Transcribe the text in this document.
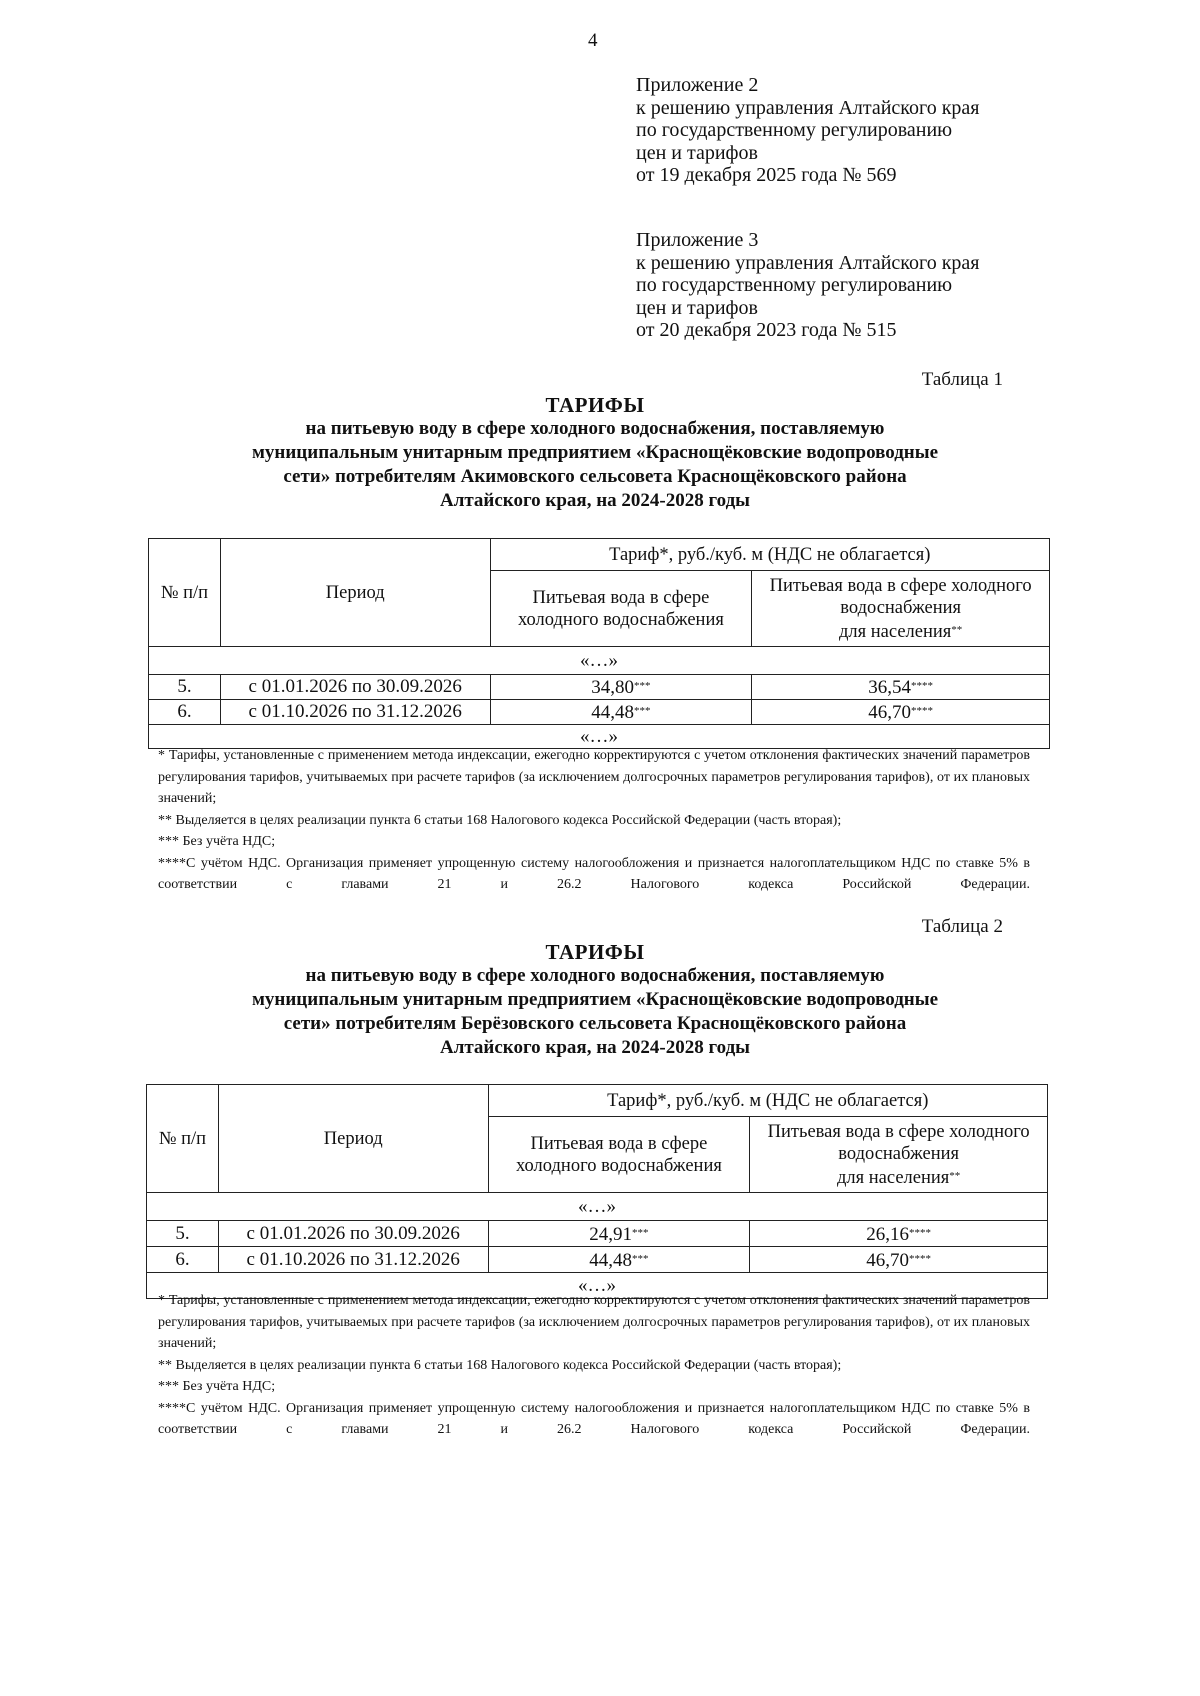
4
Приложение 2
к решению управления Алтайского края
по государственному регулированию
цен и тарифов
от 19 декабря 2025 года № 569
Приложение 3
к решению управления Алтайского края
по государственному регулированию
цен и тарифов
от 20 декабря 2023 года № 515
Таблица 1
ТАРИФЫ
на питьевую воду в сфере холодного водоснабжения, поставляемую
муниципальным унитарным предприятием «Краснощёковские водопроводные
сети» потребителям Акимовского сельсовета Краснощёковского района
Алтайского края, на 2024-2028 годы
№ п/п	Период	Тариф*, руб./куб. м (НДС не облагается)	
		Питьевая вода в сфере холодного водоснабжения	Питьевая вода в сфере холодного водоснабжения
для населения**
«…»			
5.	с 01.01.2026 по 30.09.2026	34,80***	36,54****
6.	с 01.10.2026 по 31.12.2026	44,48***	46,70****
«…»			

* Тарифы, установленные с применением метода индексации, ежегодно корректируются с учетом отклонения фактических значений параметров регулирования тарифов, учитываемых при расчете тарифов (за исключением долгосрочных параметров регулирования тарифов), от их плановых значений;

** Выделяется в целях реализации пункта 6 статьи 168 Налогового кодекса Российской Федерации (часть вторая);

*** Без учёта НДС;

****С учётом НДС. Организация применяет упрощенную систему налогообложения и признается налогоплательщиком НДС по ставке 5% в соответствии с главами 21 и 26.2 Налогового кодекса Российской Федерации.

Таблица 2
ТАРИФЫ
на питьевую воду в сфере холодного водоснабжения, поставляемую
муниципальным унитарным предприятием «Краснощёковские водопроводные
сети» потребителям Берёзовского сельсовета Краснощёковского района
Алтайского края, на 2024-2028 годы
№ п/п	Период	Тариф*, руб./куб. м (НДС не облагается)	
		Питьевая вода в сфере холодного водоснабжения	Питьевая вода в сфере холодного водоснабжения
для населения**
«…»			
5.	с 01.01.2026 по 30.09.2026	24,91***	26,16****
6.	с 01.10.2026 по 31.12.2026	44,48***	46,70****
«…»			

* Тарифы, установленные с применением метода индексации, ежегодно корректируются с учетом отклонения фактических значений параметров регулирования тарифов, учитываемых при расчете тарифов (за исключением долгосрочных параметров регулирования тарифов), от их плановых значений;

** Выделяется в целях реализации пункта 6 статьи 168 Налогового кодекса Российской Федерации (часть вторая);

*** Без учёта НДС;

****С учётом НДС. Организация применяет упрощенную систему налогообложения и признается налогоплательщиком НДС по ставке 5% в соответствии с главами 21 и 26.2 Налогового кодекса Российской Федерации.
